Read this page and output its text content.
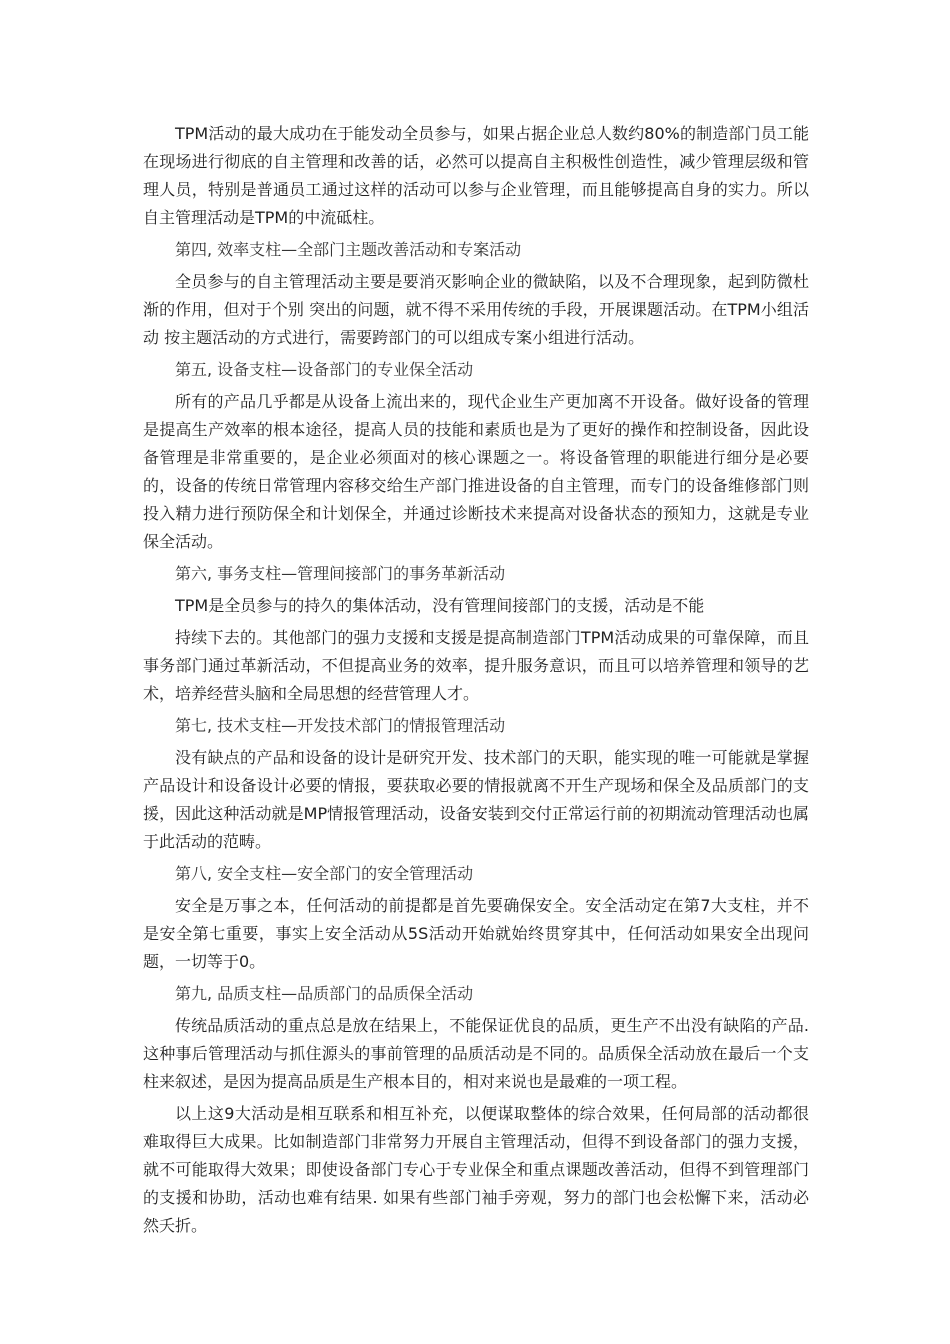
TPM活动的最大成功在于能发动全员参与，如果占据企业总人数约80%的制造部门员工能在现场进行彻底的自主管理和改善的话，必然可以提高自主积极性创造性，减少管理层级和管理人员，特别是普通员工通过这样的活动可以参与企业管理，而且能够提高自身的实力。所以自主管理活动是TPM的中流砥柱。

第四, 效率支柱—全部门主题改善活动和专案活动

全员参与的自主管理活动主要是要消灭影响企业的微缺陷，以及不合理现象，起到防微杜渐的作用，但对于个别 突出的问题，就不得不采用传统的手段，开展课题活动。在TPM小组活动 按主题活动的方式进行，需要跨部门的可以组成专案小组进行活动。

第五, 设备支柱—设备部门的专业保全活动

所有的产品几乎都是从设备上流出来的，现代企业生产更加离不开设备。做好设备的管理是提高生产效率的根本途径，提高人员的技能和素质也是为了更好的操作和控制设备，因此设备管理是非常重要的，是企业必须面对的核心课题之一。将设备管理的职能进行细分是必要的，设备的传统日常管理内容移交给生产部门推进设备的自主管理，而专门的设备维修部门则投入精力进行预防保全和计划保全，并通过诊断技术来提高对设备状态的预知力，这就是专业保全活动。

第六, 事务支柱—管理间接部门的事务革新活动

TPM是全员参与的持久的集体活动，没有管理间接部门的支援，活动是不能

持续下去的。其他部门的强力支援和支援是提高制造部门TPM活动成果的可靠保障，而且事务部门通过革新活动，不但提高业务的效率，提升服务意识，而且可以培养管理和领导的艺术，培养经营头脑和全局思想的经营管理人才。

第七, 技术支柱—开发技术部门的情报管理活动

没有缺点的产品和设备的设计是研究开发、技术部门的天职，能实现的唯一可能就是掌握产品设计和设备设计必要的情报，要获取必要的情报就离不开生产现场和保全及品质部门的支援，因此这种活动就是MP情报管理活动，设备安装到交付正常运行前的初期流动管理活动也属于此活动的范畴。

第八, 安全支柱—安全部门的安全管理活动

安全是万事之本，任何活动的前提都是首先要确保安全。安全活动定在第7大支柱，并不是安全第七重要，事实上安全活动从5S活动开始就始终贯穿其中，任何活动如果安全出现问题，一切等于0。

第九, 品质支柱—品质部门的品质保全活动

传统品质活动的重点总是放在结果上，不能保证优良的品质，更生产不出没有缺陷的产品. 这种事后管理活动与抓住源头的事前管理的品质活动是不同的。品质保全活动放在最后一个支柱来叙述，是因为提高品质是生产根本目的，相对来说也是最难的一项工程。

以上这9大活动是相互联系和相互补充，以便谋取整体的综合效果，任何局部的活动都很难取得巨大成果。比如制造部门非常努力开展自主管理活动，但得不到设备部门的强力支援，就不可能取得大效果；即使设备部门专心于专业保全和重点课题改善活动，但得不到管理部门的支援和协助，活动也难有结果. 如果有些部门袖手旁观，努力的部门也会松懈下来，活动必然夭折。
